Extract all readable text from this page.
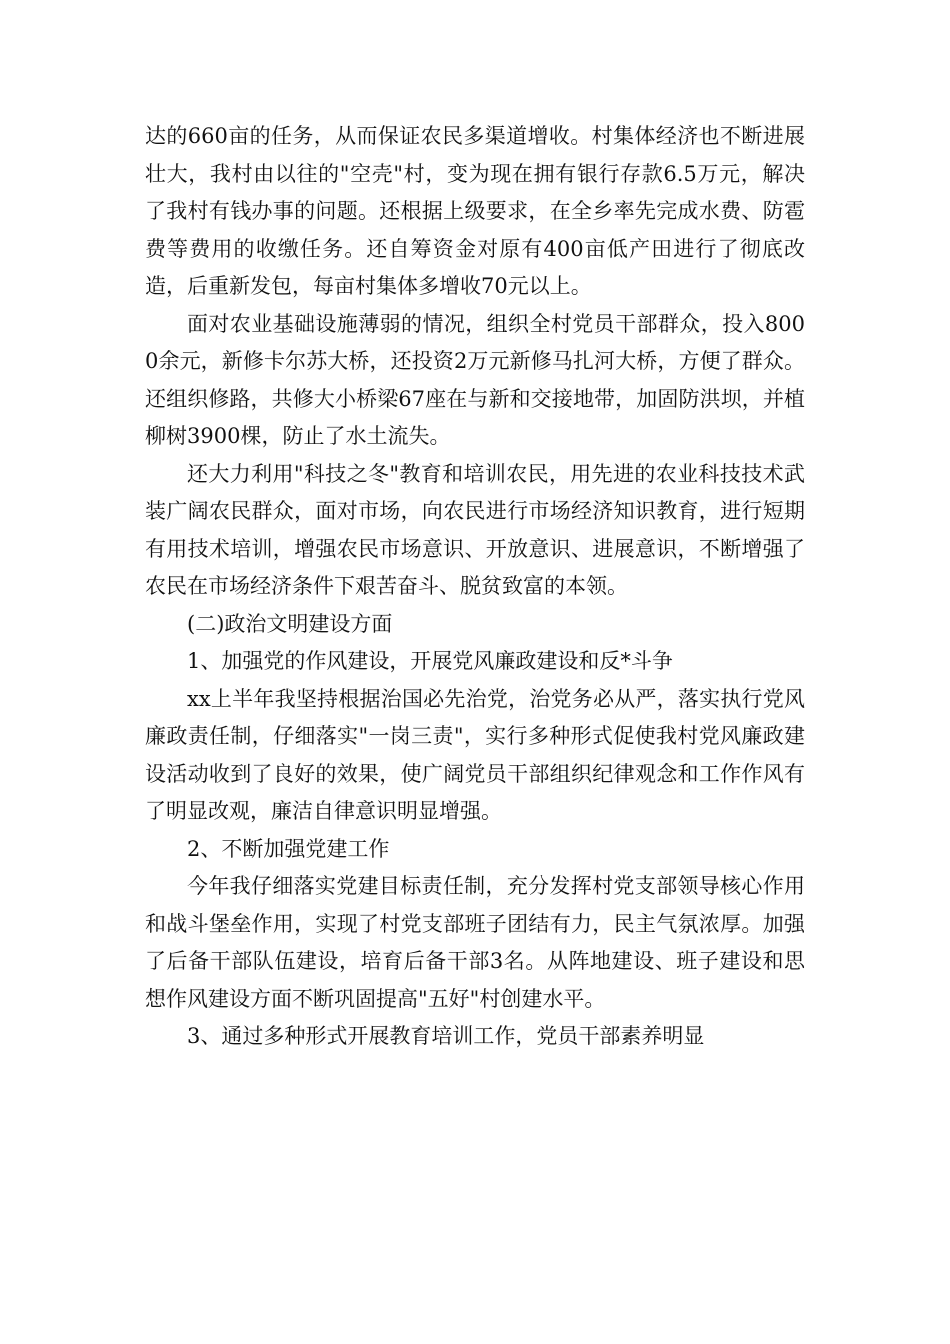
达的660亩的任务，从而保证农民多渠道增收。村集体经济也不断进展壮大，我村由以往的"空壳"村，变为现在拥有银行存款6.5万元，解决了我村有钱办事的问题。还根据上级要求，在全乡率先完成水费、防雹费等费用的收缴任务。还自筹资金对原有400亩低产田进行了彻底改造，后重新发包，每亩村集体多增收70元以上。

面对农业基础设施薄弱的情况，组织全村党员干部群众，投入8000余元，新修卡尔苏大桥，还投资2万元新修马扎河大桥，方便了群众。还组织修路，共修大小桥梁67座在与新和交接地带，加固防洪坝，并植柳树3900棵，防止了水土流失。

还大力利用"科技之冬"教育和培训农民，用先进的农业科技技术武装广阔农民群众，面对市场，向农民进行市场经济知识教育，进行短期有用技术培训，增强农民市场意识、开放意识、进展意识，不断增强了农民在市场经济条件下艰苦奋斗、脱贫致富的本领。

(二)政治文明建设方面

1、加强党的作风建设，开展党风廉政建设和反*斗争

xx上半年我坚持根据治国必先治党，治党务必从严，落实执行党风廉政责任制，仔细落实"一岗三责"，实行多种形式促使我村党风廉政建设活动收到了良好的效果，使广阔党员干部组织纪律观念和工作作风有了明显改观，廉洁自律意识明显增强。

2、不断加强党建工作

今年我仔细落实党建目标责任制，充分发挥村党支部领导核心作用和战斗堡垒作用，实现了村党支部班子团结有力，民主气氛浓厚。加强了后备干部队伍建设，培育后备干部3名。从阵地建设、班子建设和思想作风建设方面不断巩固提高"五好"村创建水平。

3、通过多种形式开展教育培训工作，党员干部素养明显
